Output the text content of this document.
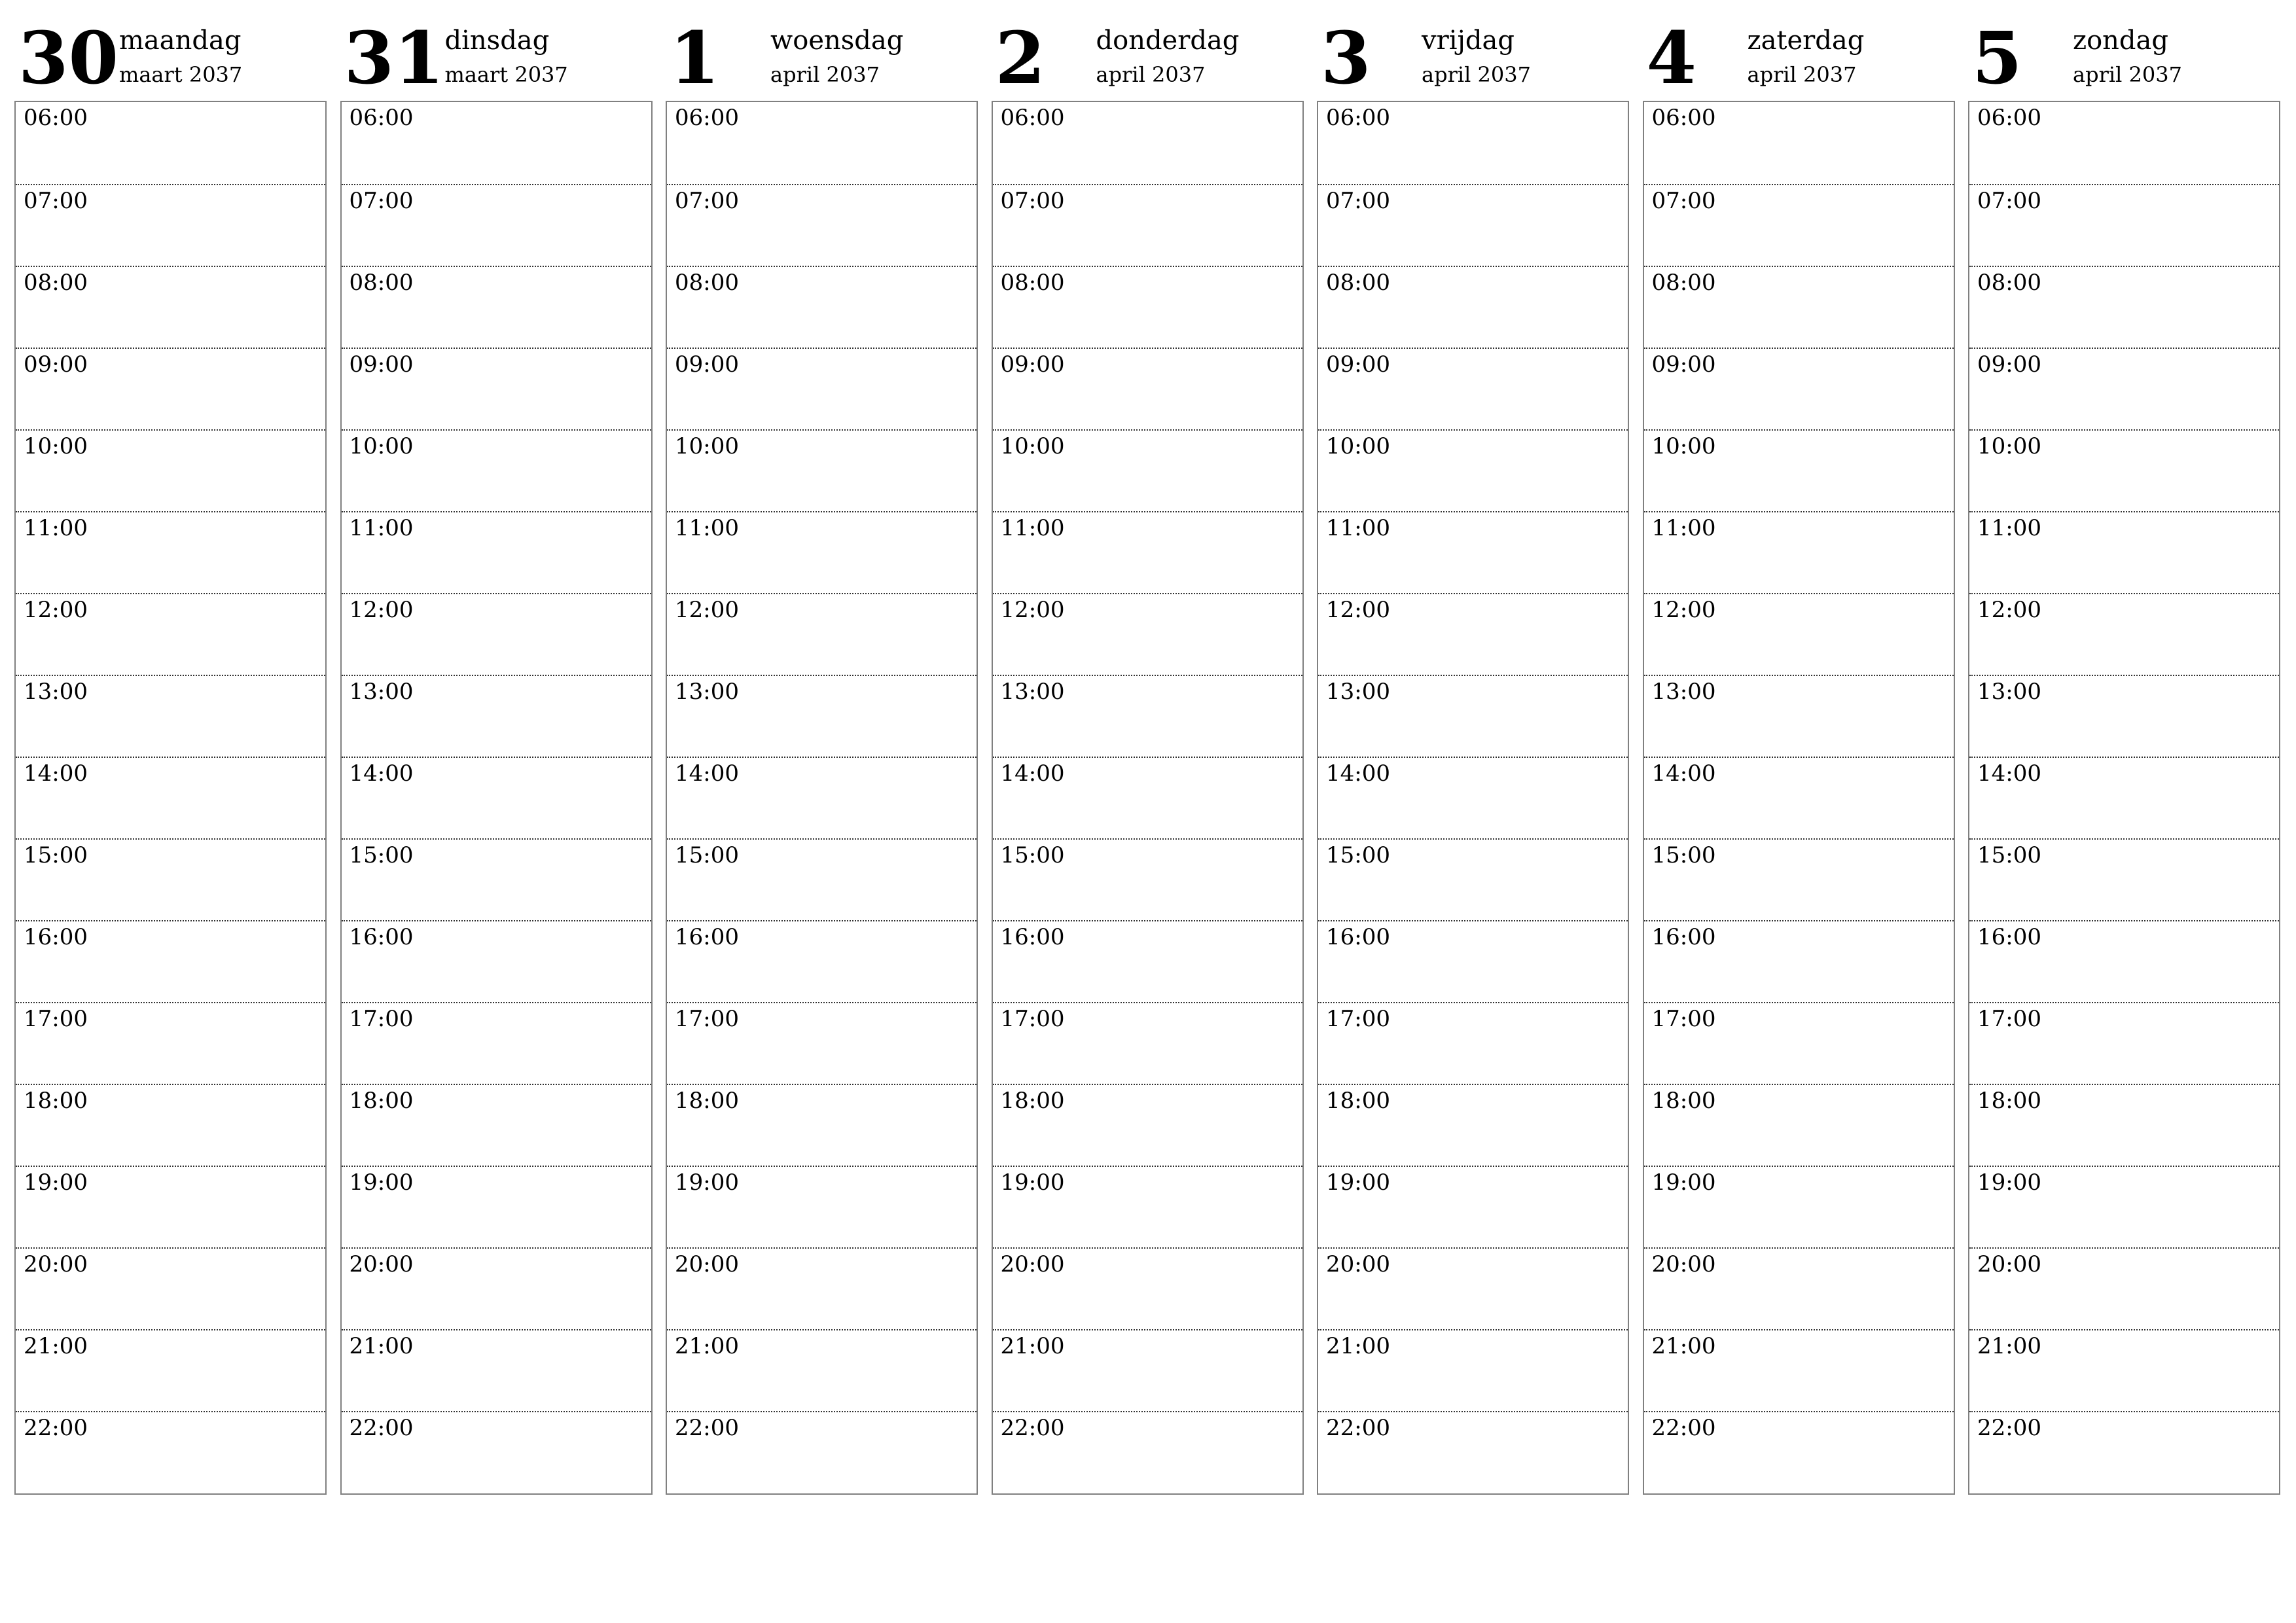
30 maandag
maart 2037
06:00
07:00
08:00
09:00
10:00
11:00
12:00
13:00
14:00
15:00
16:00
17:00
18:00
19:00
20:00
21:00
22:00
31 dinsdag
maart 2037
06:00
07:00
08:00
09:00
10:00
11:00
12:00
13:00
14:00
15:00
16:00
17:00
18:00
19:00
20:00
21:00
22:00
1 woensdag
april 2037
06:00
07:00
08:00
09:00
10:00
11:00
12:00
13:00
14:00
15:00
16:00
17:00
18:00
19:00
20:00
21:00
22:00
2 donderdag
april 2037
06:00
07:00
08:00
09:00
10:00
11:00
12:00
13:00
14:00
15:00
16:00
17:00
18:00
19:00
20:00
21:00
22:00
3 vrijdag
april 2037
06:00
07:00
08:00
09:00
10:00
11:00
12:00
13:00
14:00
15:00
16:00
17:00
18:00
19:00
20:00
21:00
22:00
4 zaterdag
april 2037
06:00
07:00
08:00
09:00
10:00
11:00
12:00
13:00
14:00
15:00
16:00
17:00
18:00
19:00
20:00
21:00
22:00
5 zondag
april 2037
06:00
07:00
08:00
09:00
10:00
11:00
12:00
13:00
14:00
15:00
16:00
17:00
18:00
19:00
20:00
21:00
22:00
